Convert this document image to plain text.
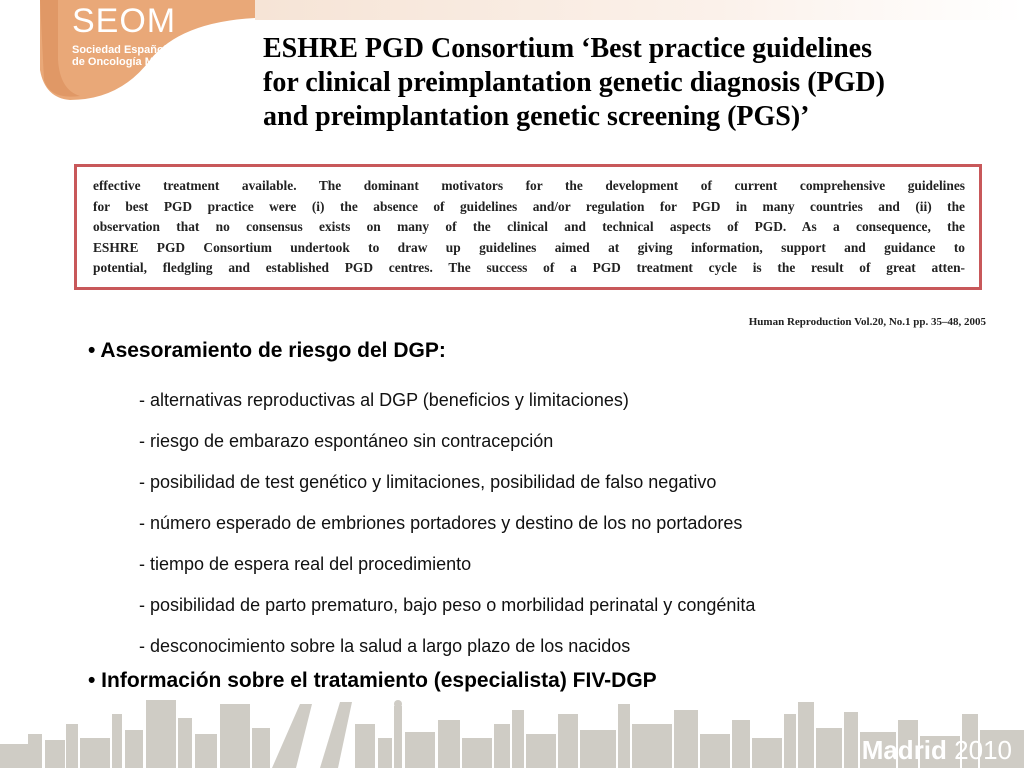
SEOM
Sociedad Española
de Oncología Médica	ESHRE PGD Consortium ‘Best practice guidelines
for clinical preimplantation genetic diagnosis (PGD)
and preimplantation genetic screening (PGS)’
effective treatment available. The dominant motivators for the development of current comprehensive guidelines
for best PGD practice were (i) the absence of guidelines and/or regulation for PGD in many countries and (ii) the
observation that no consensus exists on many of the clinical and technical aspects of PGD. As a consequence, the
ESHRE PGD Consortium undertook to draw up guidelines aimed at giving information, support and guidance to
potential, fledgling and established PGD centres. The success of a PGD treatment cycle is the result of great atten-
Human Reproduction Vol.20, No.1 pp. 35–48, 2005
• Asesoramiento de riesgo del DGP:
- alternativas reproductivas al DGP (beneficios y limitaciones)
- riesgo de embarazo espontáneo sin contracepción
- posibilidad de test genético y limitaciones, posibilidad de falso negativo
- número esperado de embriones portadores y destino de los no portadores
- tiempo de espera real del procedimiento
- posibilidad de parto prematuro, bajo peso o morbilidad perinatal y congénita
- desconocimiento sobre la salud a largo plazo de los nacidos
• Información sobre el tratamiento (especialista) FIV-DGP
Madrid 2010
